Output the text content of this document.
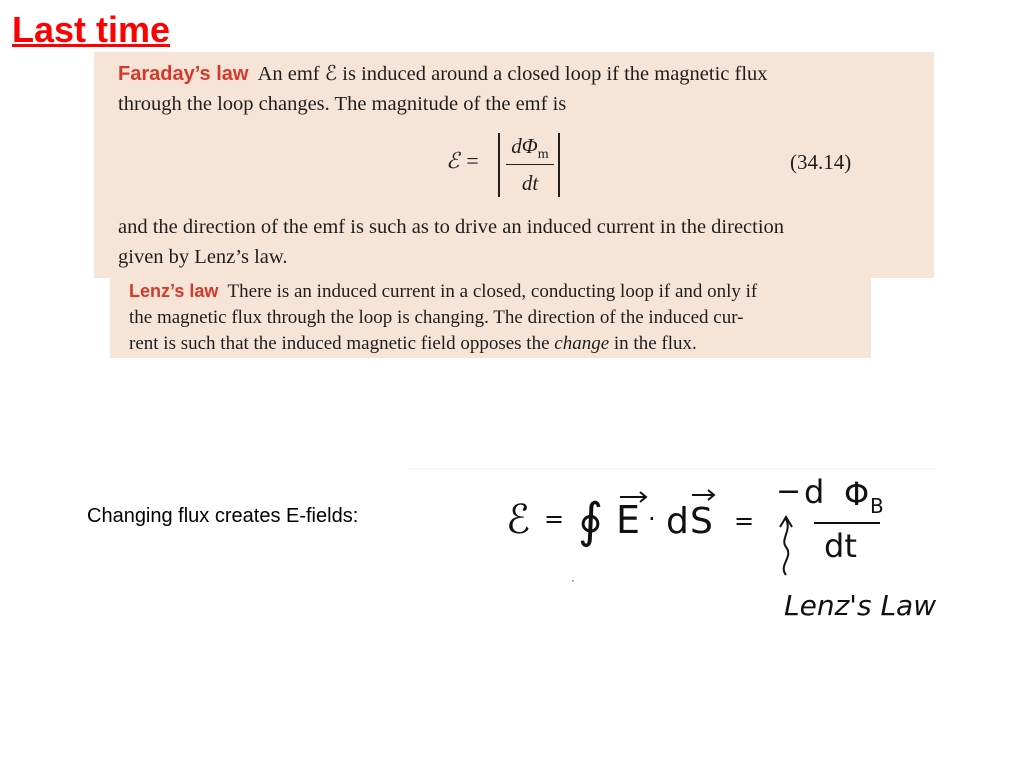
Last time
Faraday’s law An emf ℰ is induced around a closed loop if the magnetic flux
through the loop changes. The magnitude of the emf is
ℰ =
$d\Phi_m$
dt
(34.14)
and the direction of the emf is such as to drive an induced current in the direction
given by Lenz’s law.
Lenz’s law There is an induced current in a closed, conducting loop if and only if
the magnetic flux through the loop is changing. The direction of the induced cur-
rent is such that the induced magnetic field opposes the change in the flux.
Changing flux creates E-fields:	ℰ = ∮ E · d S =
− d Φ B
dt
Lenz's Law
